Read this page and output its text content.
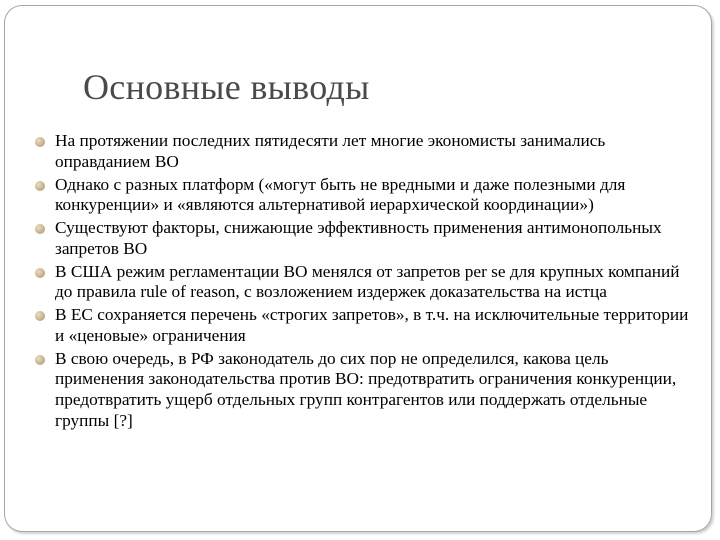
Основные выводы
На протяжении последних пятидесяти лет многие экономисты занимались оправданием ВО
Однако с разных платформ («могут быть не вредными и даже полезными для конкуренции» и «являются альтернативой иерархической координации»)
Существуют факторы, снижающие эффективность применения антимонопольных запретов ВО
В США режим регламентации ВО менялся от запретов per se для крупных компаний до правила rule of reason, с возложением издержек доказательства на истца
В ЕС сохраняется перечень «строгих запретов», в т.ч. на исключительные территории и «ценовые» ограничения
В свою очередь, в РФ законодатель до сих пор не определился, какова цель применения законодательства против ВО: предотвратить ограничения конкуренции, предотвратить ущерб отдельных групп контрагентов или поддержать отдельные группы [?]
